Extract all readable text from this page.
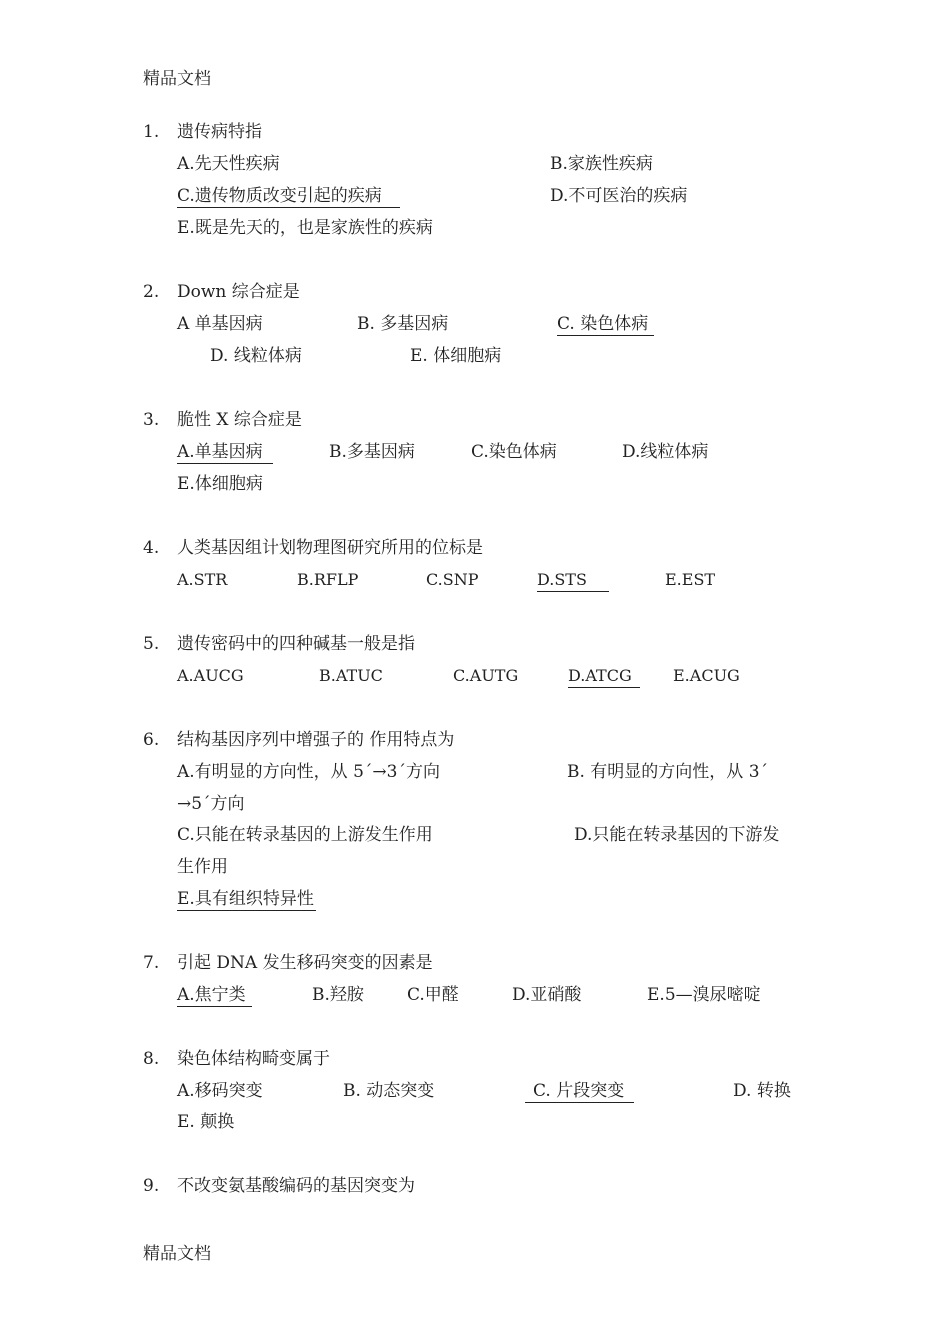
精品文档
1. 遗传病特指
A.先天性疾病	B.家族性疾病
C.遗传物质改变引起的疾病	D.不可医治的疾病
E.既是先天的，也是家族性的疾病
2. Down 综合症是
A 单基因病	B. 多基因病	C. 染色体病
D. 线粒体病	E. 体细胞病
3. 脆性 X 综合症是
A.单基因病	B.多基因病	C.染色体病	D.线粒体病
E.体细胞病
4. 人类基因组计划物理图研究所用的位标是
A.STR	B.RFLP	C.SNP	D.STS	E.EST
5. 遗传密码中的四种碱基一般是指
A.AUCG	B.ATUC	C.AUTG	D.ATCG	E.ACUG
6. 结构基因序列中增强子的 作用特点为
A.有明显的方向性，从 5´→3´方向	B. 有明显的方向性，从 3´
→5´方向
C.只能在转录基因的上游发生作用	D.只能在转录基因的下游发
生作用
E.具有组织特异性
7. 引起 DNA 发生移码突变的因素是
A.焦宁类	B.羟胺	C.甲醛	D.亚硝酸	E.5—溴尿嘧啶
8. 染色体结构畸变属于
A.移码突变	B. 动态突变	C. 片段突变	D. 转换
E. 颠换
9. 不改变氨基酸编码的基因突变为
精品文档
